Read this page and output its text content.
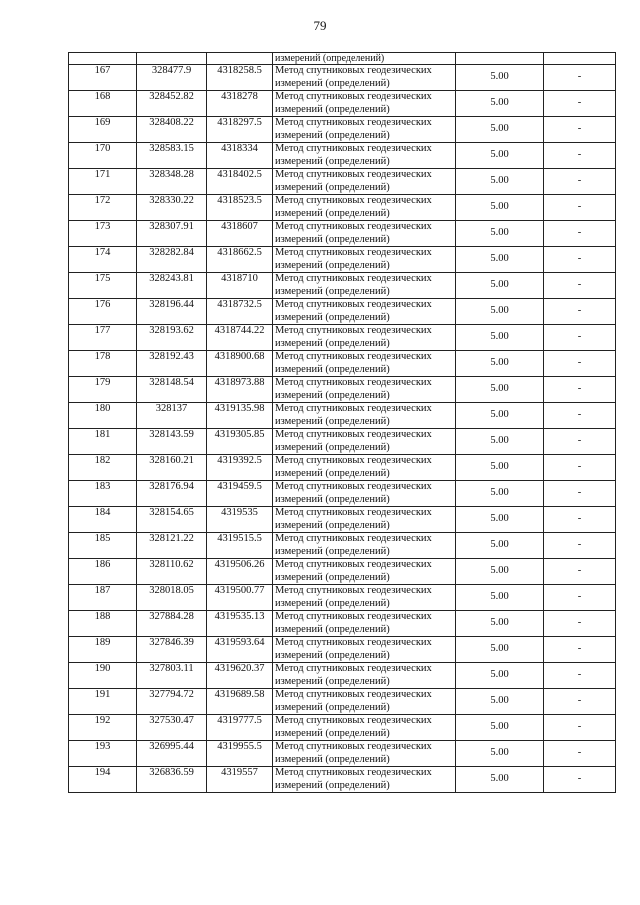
79
			измерений (определений)		
167	328477.9	4318258.5	Метод спутниковых геодезических измерений (определений)	5.00	-
168	328452.82	4318278	Метод спутниковых геодезических измерений (определений)	5.00	-
169	328408.22	4318297.5	Метод спутниковых геодезических измерений (определений)	5.00	-
170	328583.15	4318334	Метод спутниковых геодезических измерений (определений)	5.00	-
171	328348.28	4318402.5	Метод спутниковых геодезических измерений (определений)	5.00	-
172	328330.22	4318523.5	Метод спутниковых геодезических измерений (определений)	5.00	-
173	328307.91	4318607	Метод спутниковых геодезических измерений (определений)	5.00	-
174	328282.84	4318662.5	Метод спутниковых геодезических измерений (определений)	5.00	-
175	328243.81	4318710	Метод спутниковых геодезических измерений (определений)	5.00	-
176	328196.44	4318732.5	Метод спутниковых геодезических измерений (определений)	5.00	-
177	328193.62	4318744.22	Метод спутниковых геодезических измерений (определений)	5.00	-
178	328192.43	4318900.68	Метод спутниковых геодезических измерений (определений)	5.00	-
179	328148.54	4318973.88	Метод спутниковых геодезических измерений (определений)	5.00	-
180	328137	4319135.98	Метод спутниковых геодезических измерений (определений)	5.00	-
181	328143.59	4319305.85	Метод спутниковых геодезических измерений (определений)	5.00	-
182	328160.21	4319392.5	Метод спутниковых геодезических измерений (определений)	5.00	-
183	328176.94	4319459.5	Метод спутниковых геодезических измерений (определений)	5.00	-
184	328154.65	4319535	Метод спутниковых геодезических измерений (определений)	5.00	-
185	328121.22	4319515.5	Метод спутниковых геодезических измерений (определений)	5.00	-
186	328110.62	4319506.26	Метод спутниковых геодезических измерений (определений)	5.00	-
187	328018.05	4319500.77	Метод спутниковых геодезических измерений (определений)	5.00	-
188	327884.28	4319535.13	Метод спутниковых геодезических измерений (определений)	5.00	-
189	327846.39	4319593.64	Метод спутниковых геодезических измерений (определений)	5.00	-
190	327803.11	4319620.37	Метод спутниковых геодезических измерений (определений)	5.00	-
191	327794.72	4319689.58	Метод спутниковых геодезических измерений (определений)	5.00	-
192	327530.47	4319777.5	Метод спутниковых геодезических измерений (определений)	5.00	-
193	326995.44	4319955.5	Метод спутниковых геодезических измерений (определений)	5.00	-
194	326836.59	4319557	Метод спутниковых геодезических измерений (определений)	5.00	-
